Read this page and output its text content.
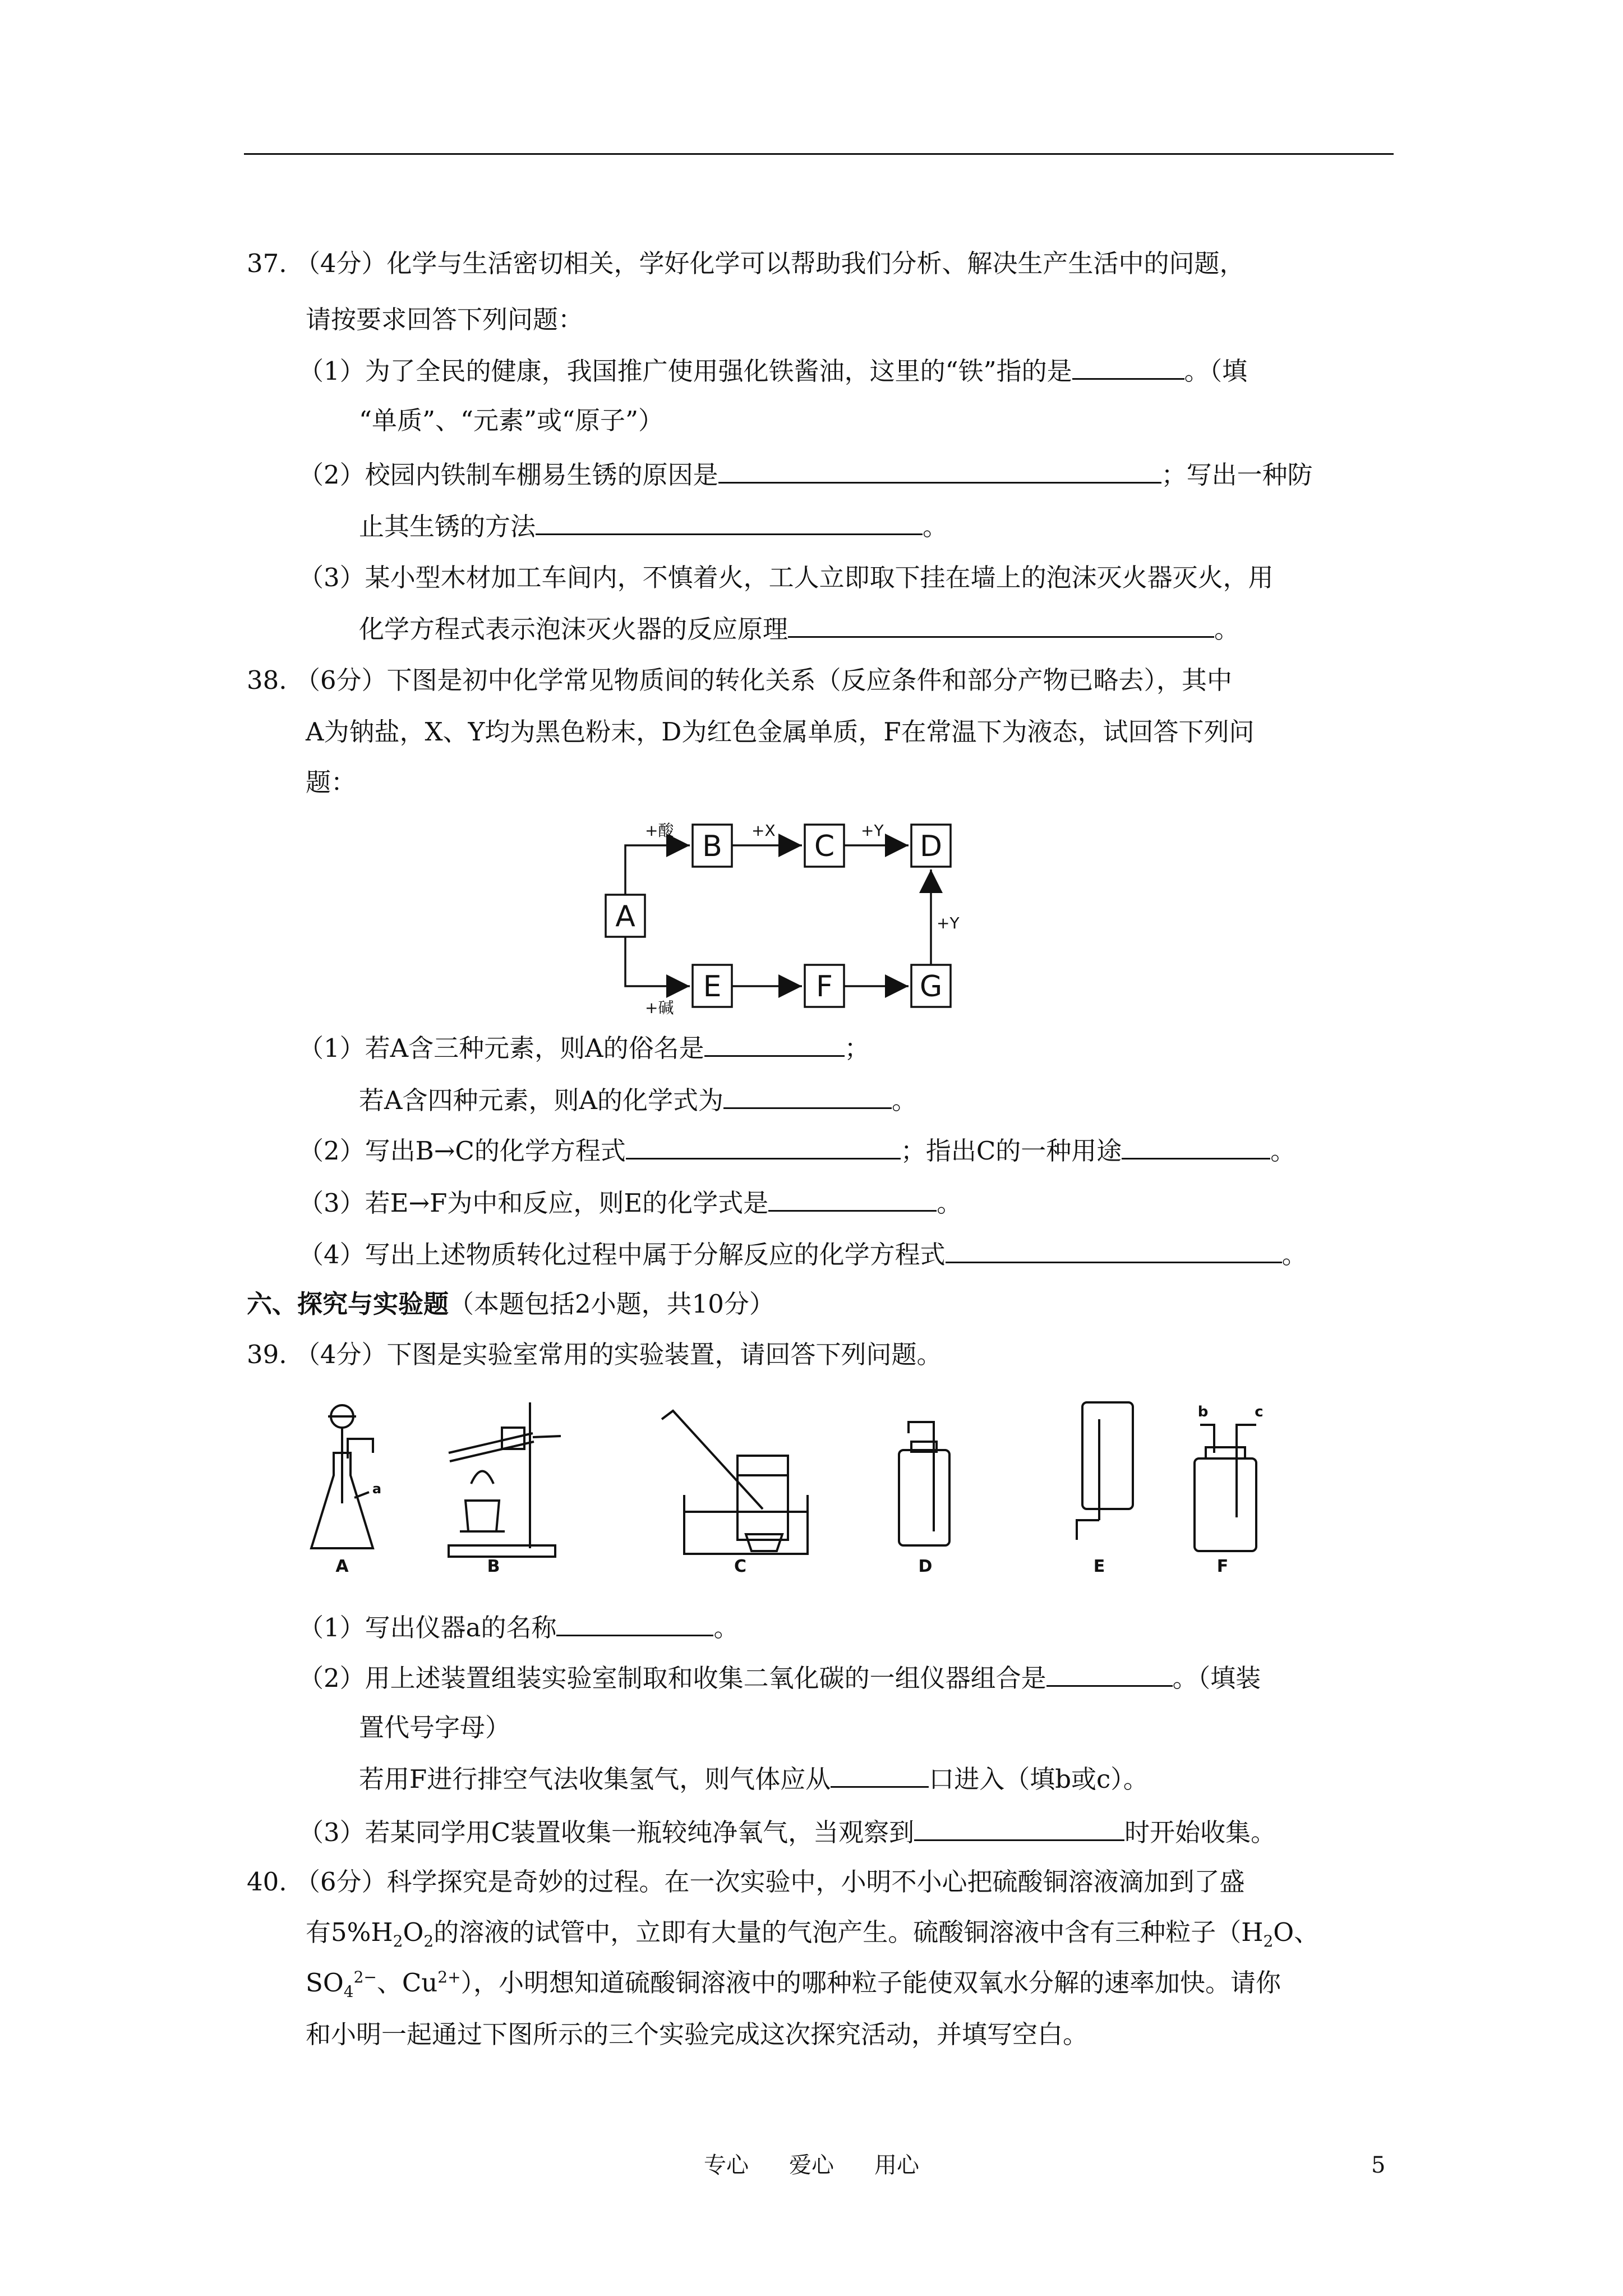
37. （4分）化学与生活密切相关，学好化学可以帮助我们分析、解决生产生活中的问题，
请按要求回答下列问题：
（1）为了全民的健康，我国推广使用强化铁酱油，这里的“铁”指的是	。（填
“单质”、“元素”或“原子”）
（2）校园内铁制车棚易生锈的原因是	；写出一种防
止其生锈的方法	。
（3）某小型木材加工车间内，不慎着火，工人立即取下挂在墙上的泡沫灭火器灭火，用
化学方程式表示泡沫灭火器的反应原理	。
38. （6分）下图是初中化学常见物质间的转化关系（反应条件和部分产物已略去），其中
A为钠盐，X、Y均为黑色粉末，D为红色金属单质，F在常温下为液态，试回答下列问
题：
A
B	C	D
E	F	G
+酸	+X	+Y
+Y
+碱
（1）若A含三种元素，则A的俗名是	；
若A含四种元素，则A的化学式为	。
（2）写出B→C的化学方程式	；指出C的一种用途	。
（3）若E→F为中和反应，则E的化学式是	。
（4）写出上述物质转化过程中属于分解反应的化学方程式	。
六、探究与实验题（本题包括2小题，共10分）
39. （4分）下图是实验室常用的实验装置，请回答下列问题。
A	B	C	D	E	F
a
b	c
（1）写出仪器a的名称	。
（2）用上述装置组装实验室制取和收集二氧化碳的一组仪器组合是	。（填装
置代号字母）
若用F进行排空气法收集氢气，则气体应从	口进入（填b或c）。
（3）若某同学用C装置收集一瓶较纯净氧气，当观察到	时开始收集。
40. （6分）科学探究是奇妙的过程。在一次实验中，小明不小心把硫酸铜溶液滴加到了盛
有$5\%H_2O_2$的溶液的试管中，立即有大量的气泡产生。硫酸铜溶液中含有三种粒子（$H_2O$、
$SO_4^{2-}$、$Cu^{2+}$），小明想知道硫酸铜溶液中的哪种粒子能使双氧水分解的速率加快。请你
和小明一起通过下图所示的三个实验完成这次探究活动，并填写空白。
专心 爱心 用心	5
